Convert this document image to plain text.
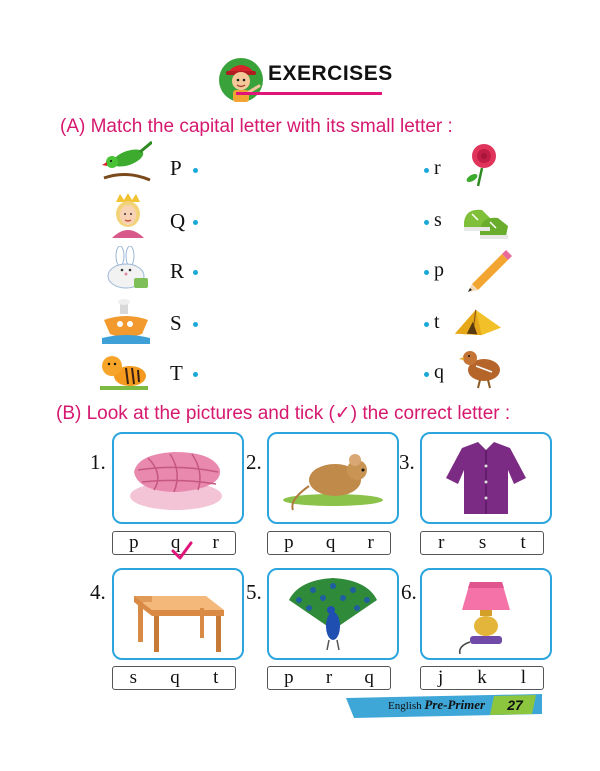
EXERCISES
(A) Match the capital letter with its small letter :
P
Q
R
S
T
r
s
p
t
q
(B) Look at the pictures and tick (✓) the correct letter :
1.	2.	3.
p q r	p q r	r s t
4.	5.	6.
s q t	p r q	j k l
English Pre-Primer	27
